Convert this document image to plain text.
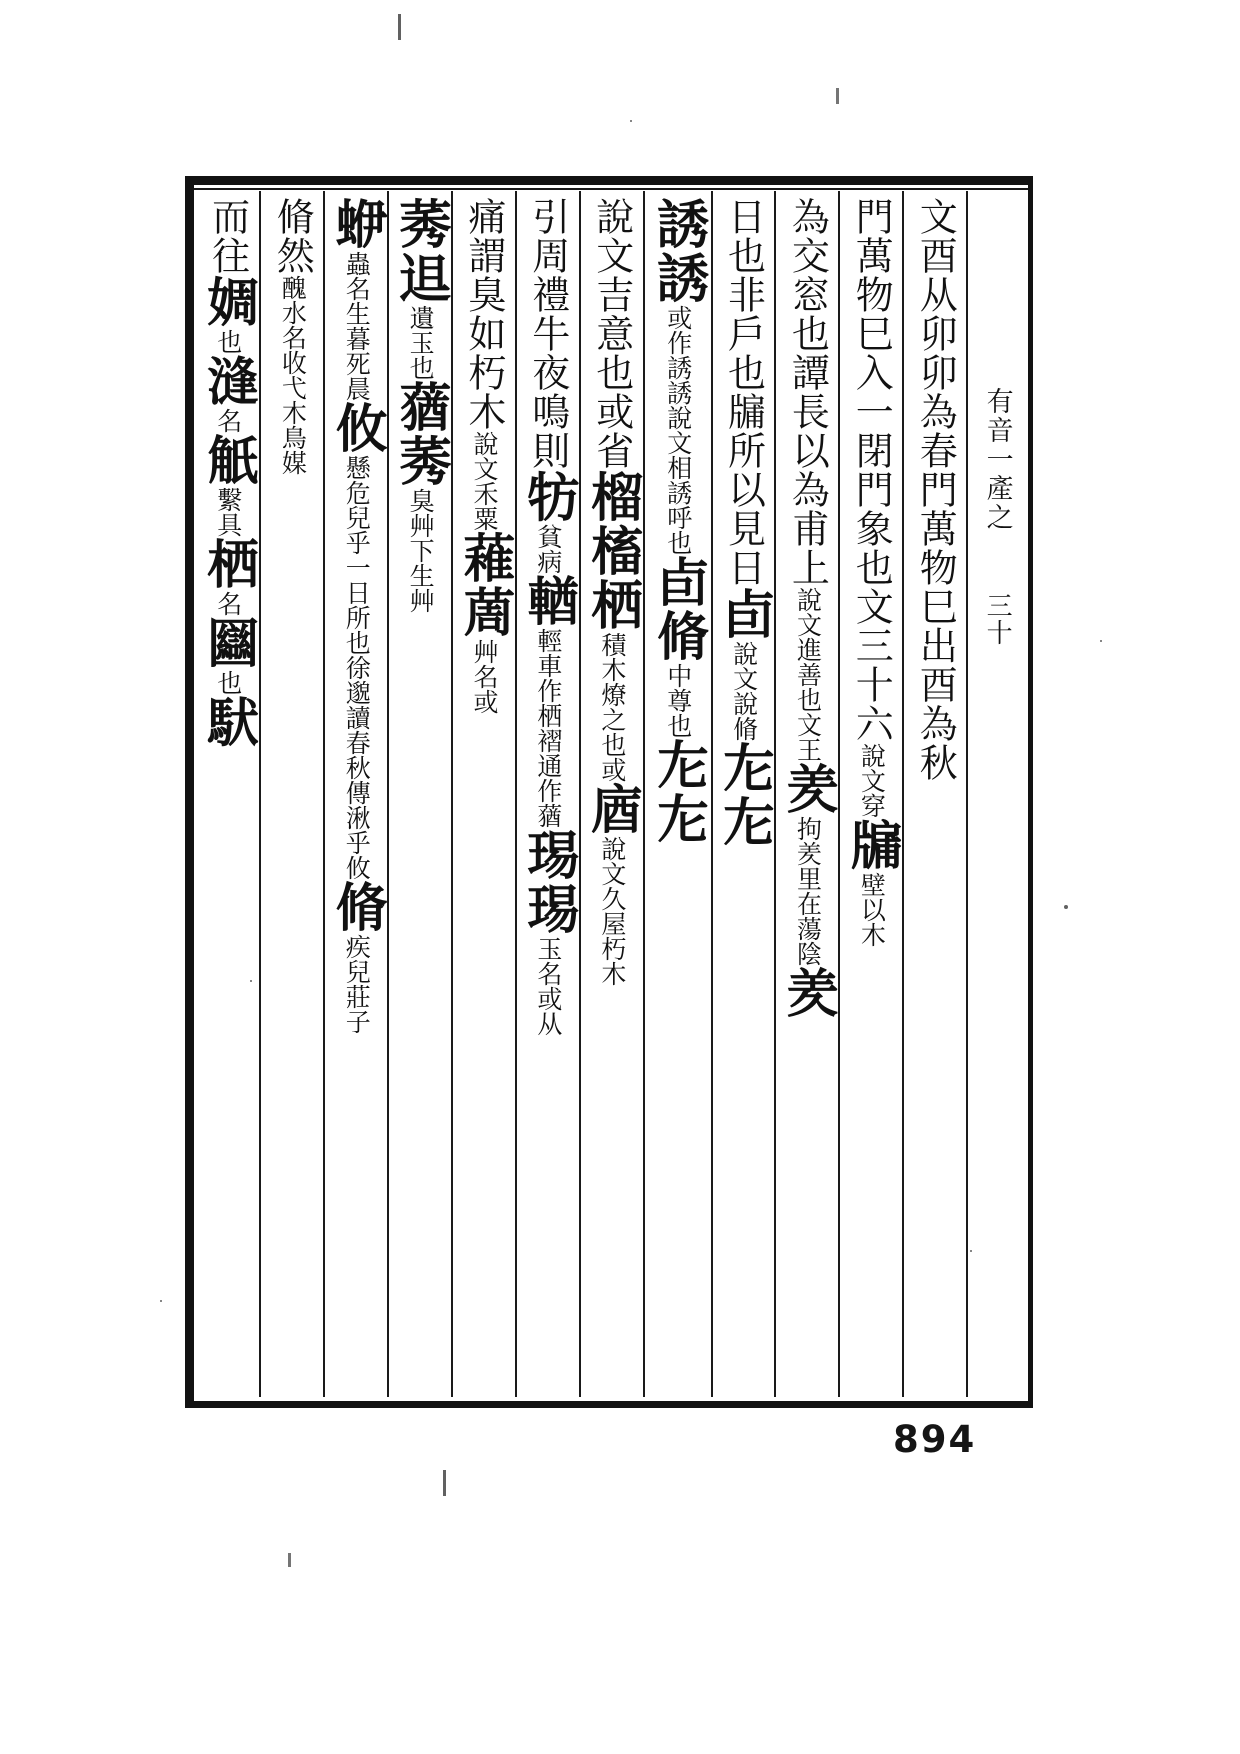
有音一產之
三十
文酉从卯卯為春門萬物巳出酉為秋
門萬物巳入一閉門象也文三十六
說文穿
牖
壁以木
為交窓也譚長以為甫上
說文進善也文王
羑
拘羑里在蕩陰
羑
日也非戶也牖所以見日
卣
說文說脩
㔫㔫
誘誘
或作誘誘
說文相誘呼也
卣脩
中尊也
㔫㔫
說文吉意
也或省
榴槒栖
積木燎之也或
庮
說文久屋朽木
引周禮牛夜鳴則
牥
貧病
輶
輕車
作栖褶通作蕕
㻛㻛
玉名或从
痛謂臭如朽木
說文禾粟
䕌䓟
艸名或
莠
䢐
遺玉
也
蕕莠
臭
艸下生艸
蛜
蟲名
生暮死晨
攸
懸危兒
乎一日所也徐邈讀
春秋傳湫乎攸
脩
疾兒莊子
脩然
醜
水名
收弋
木鳥媒
而往
婤
也
漨
名
觗
繫具
栖
名
圝
也
䭾
894
